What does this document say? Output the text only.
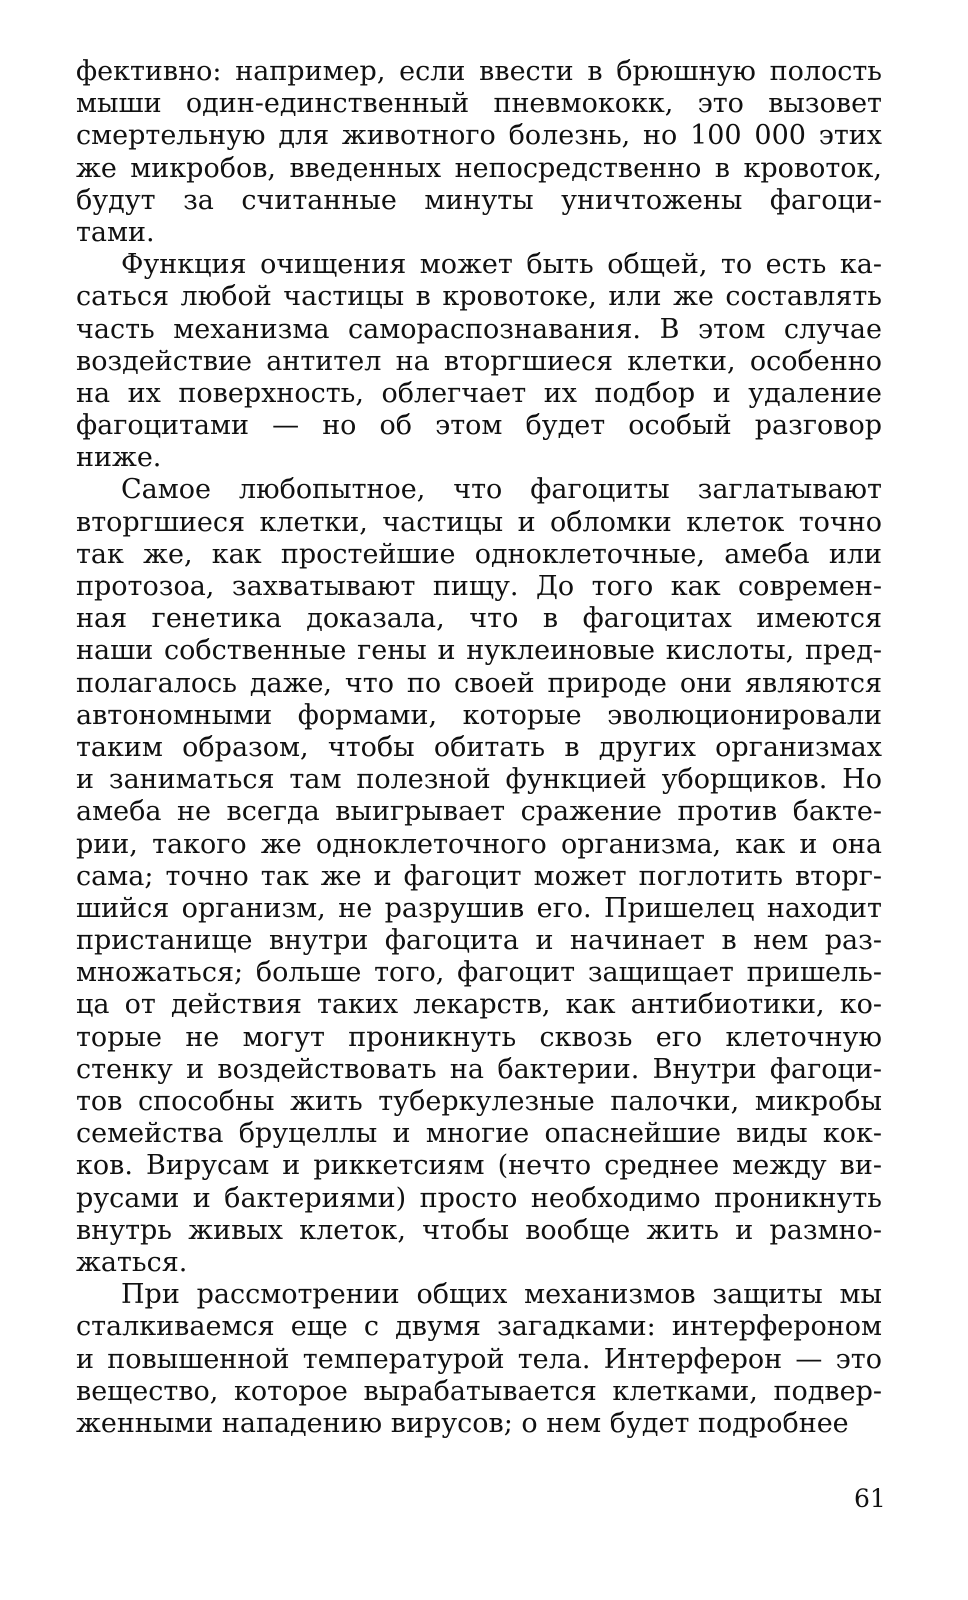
фективно: например, если ввести в брюшную полость
мыши один-единственный пневмококк, это вызовет
смертельную для животного болезнь, но 100 000 этих
же микробов, введенных непосредственно в кровоток,
будут за считанные минуты уничтожены фагоци-
тами.
Функция очищения может быть общей, то есть ка-
саться любой частицы в кровотоке, или же составлять
часть механизма самораспознавания. В этом случае
воздействие антител на вторгшиеся клетки, особенно
на их поверхность, облегчает их подбор и удаление
фагоцитами — но об этом будет особый разговор
ниже.
Самое любопытное, что фагоциты заглатывают
вторгшиеся клетки, частицы и обломки клеток точно
так же, как простейшие одноклеточные, амеба или
протозоа, захватывают пищу. До того как современ-
ная генетика доказала, что в фагоцитах имеются
наши собственные гены и нуклеиновые кислоты, пред-
полагалось даже, что по своей природе они являются
автономными формами, которые эволюционировали
таким образом, чтобы обитать в других организмах
и заниматься там полезной функцией уборщиков. Но
амеба не всегда выигрывает сражение против бакте-
рии, такого же одноклеточного организма, как и она
сама; точно так же и фагоцит может поглотить вторг-
шийся организм, не разрушив его. Пришелец находит
пристанище внутри фагоцита и начинает в нем раз-
множаться; больше того, фагоцит защищает пришель-
ца от действия таких лекарств, как антибиотики, ко-
торые не могут проникнуть сквозь его клеточную
стенку и воздействовать на бактерии. Внутри фагоци-
тов способны жить туберкулезные палочки, микробы
семейства бруцеллы и многие опаснейшие виды кок-
ков. Вирусам и риккетсиям (нечто среднее между ви-
русами и бактериями) просто необходимо проникнуть
внутрь живых клеток, чтобы вообще жить и размно-
жаться.
При рассмотрении общих механизмов защиты мы
сталкиваемся еще с двумя загадками: интерфероном
и повышенной температурой тела. Интерферон — это
вещество, которое вырабатывается клетками, подвер-
женными нападению вирусов; о нем будет подробнее
61
